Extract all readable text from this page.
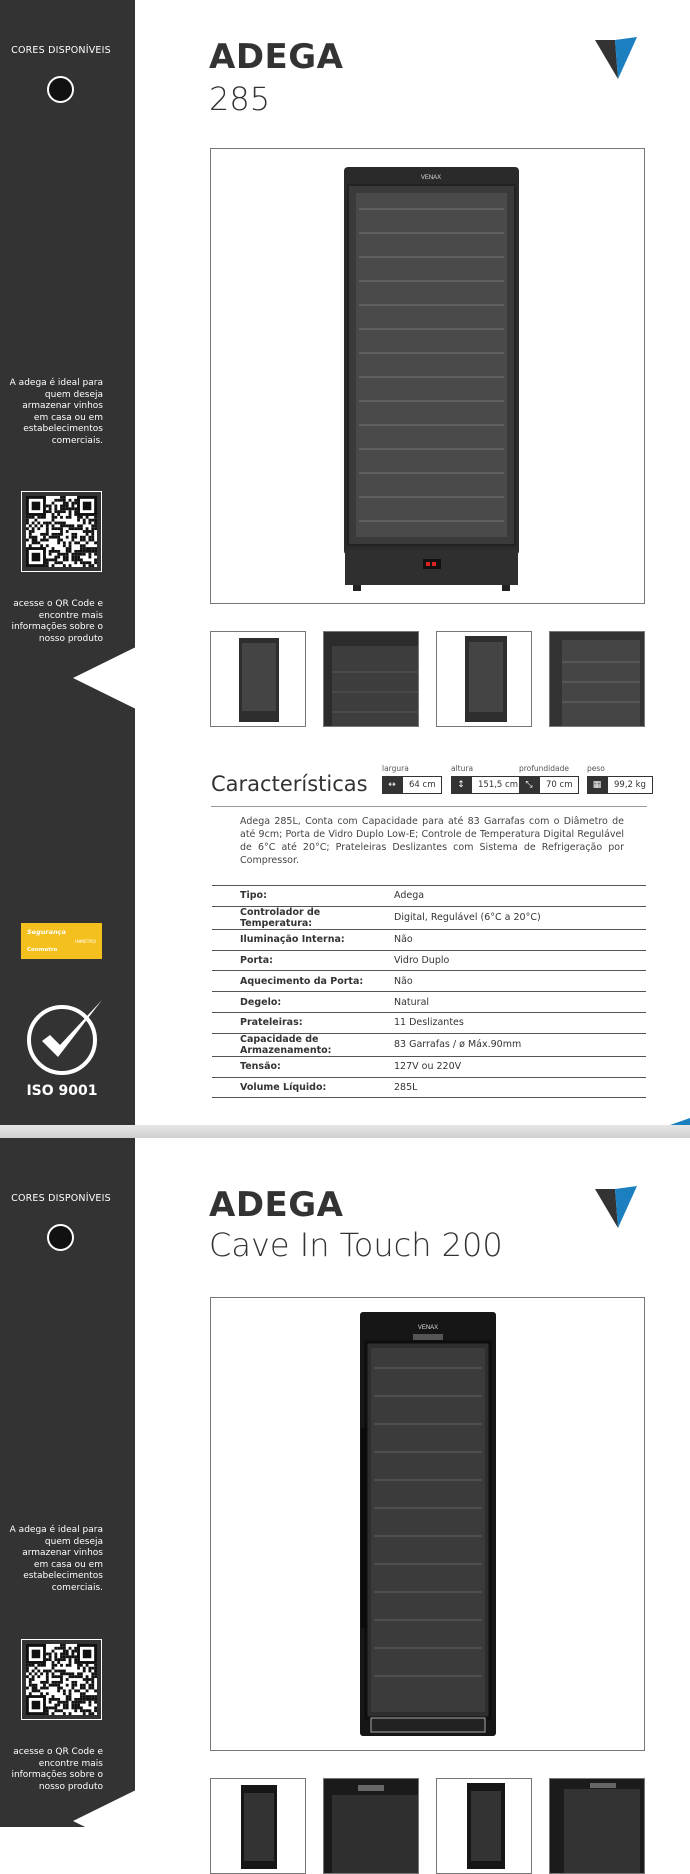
CORES DISPONÍVEIS
A adega é ideal para quem deseja armazenar vinhos em casa ou em estabelecimentos comerciais.
acesse o QR Code e encontre mais informações sobre o nosso produto
Segurança
Conmetro
INMETRO
ISO 9001
ADEGA
285
VENAX
Características
largura
↔	64 cm
altura
↕	151,5 cm
profundidade
⤡	70 cm
peso
▦	99,2 kg
Adega 285L, Conta com Capacidade para até 83 Garrafas com o Diâmetro de até 9cm; Porta de Vidro Duplo Low-E; Controle de Temperatura Digital Regulável de 6°C até 20°C; Prateleiras Deslizantes com Sistema de Refrigeração por Compressor.
Tipo:	Adega
Controlador de Temperatura:	Digital, Regulável (6°C a 20°C)
Iluminação Interna:	Não
Porta:	Vidro Duplo
Aquecimento da Porta:	Não
Degelo:	Natural
Prateleiras:	11 Deslizantes
Capacidade de Armazenamento:	83 Garrafas / ø Máx.90mm
Tensão:	127V ou 220V
Volume Líquido:	285L
CORES DISPONÍVEIS
A adega é ideal para quem deseja armazenar vinhos em casa ou em estabelecimentos comerciais.
acesse o QR Code e encontre mais informações sobre o nosso produto
ADEGA
Cave In Touch 200
VENAX
